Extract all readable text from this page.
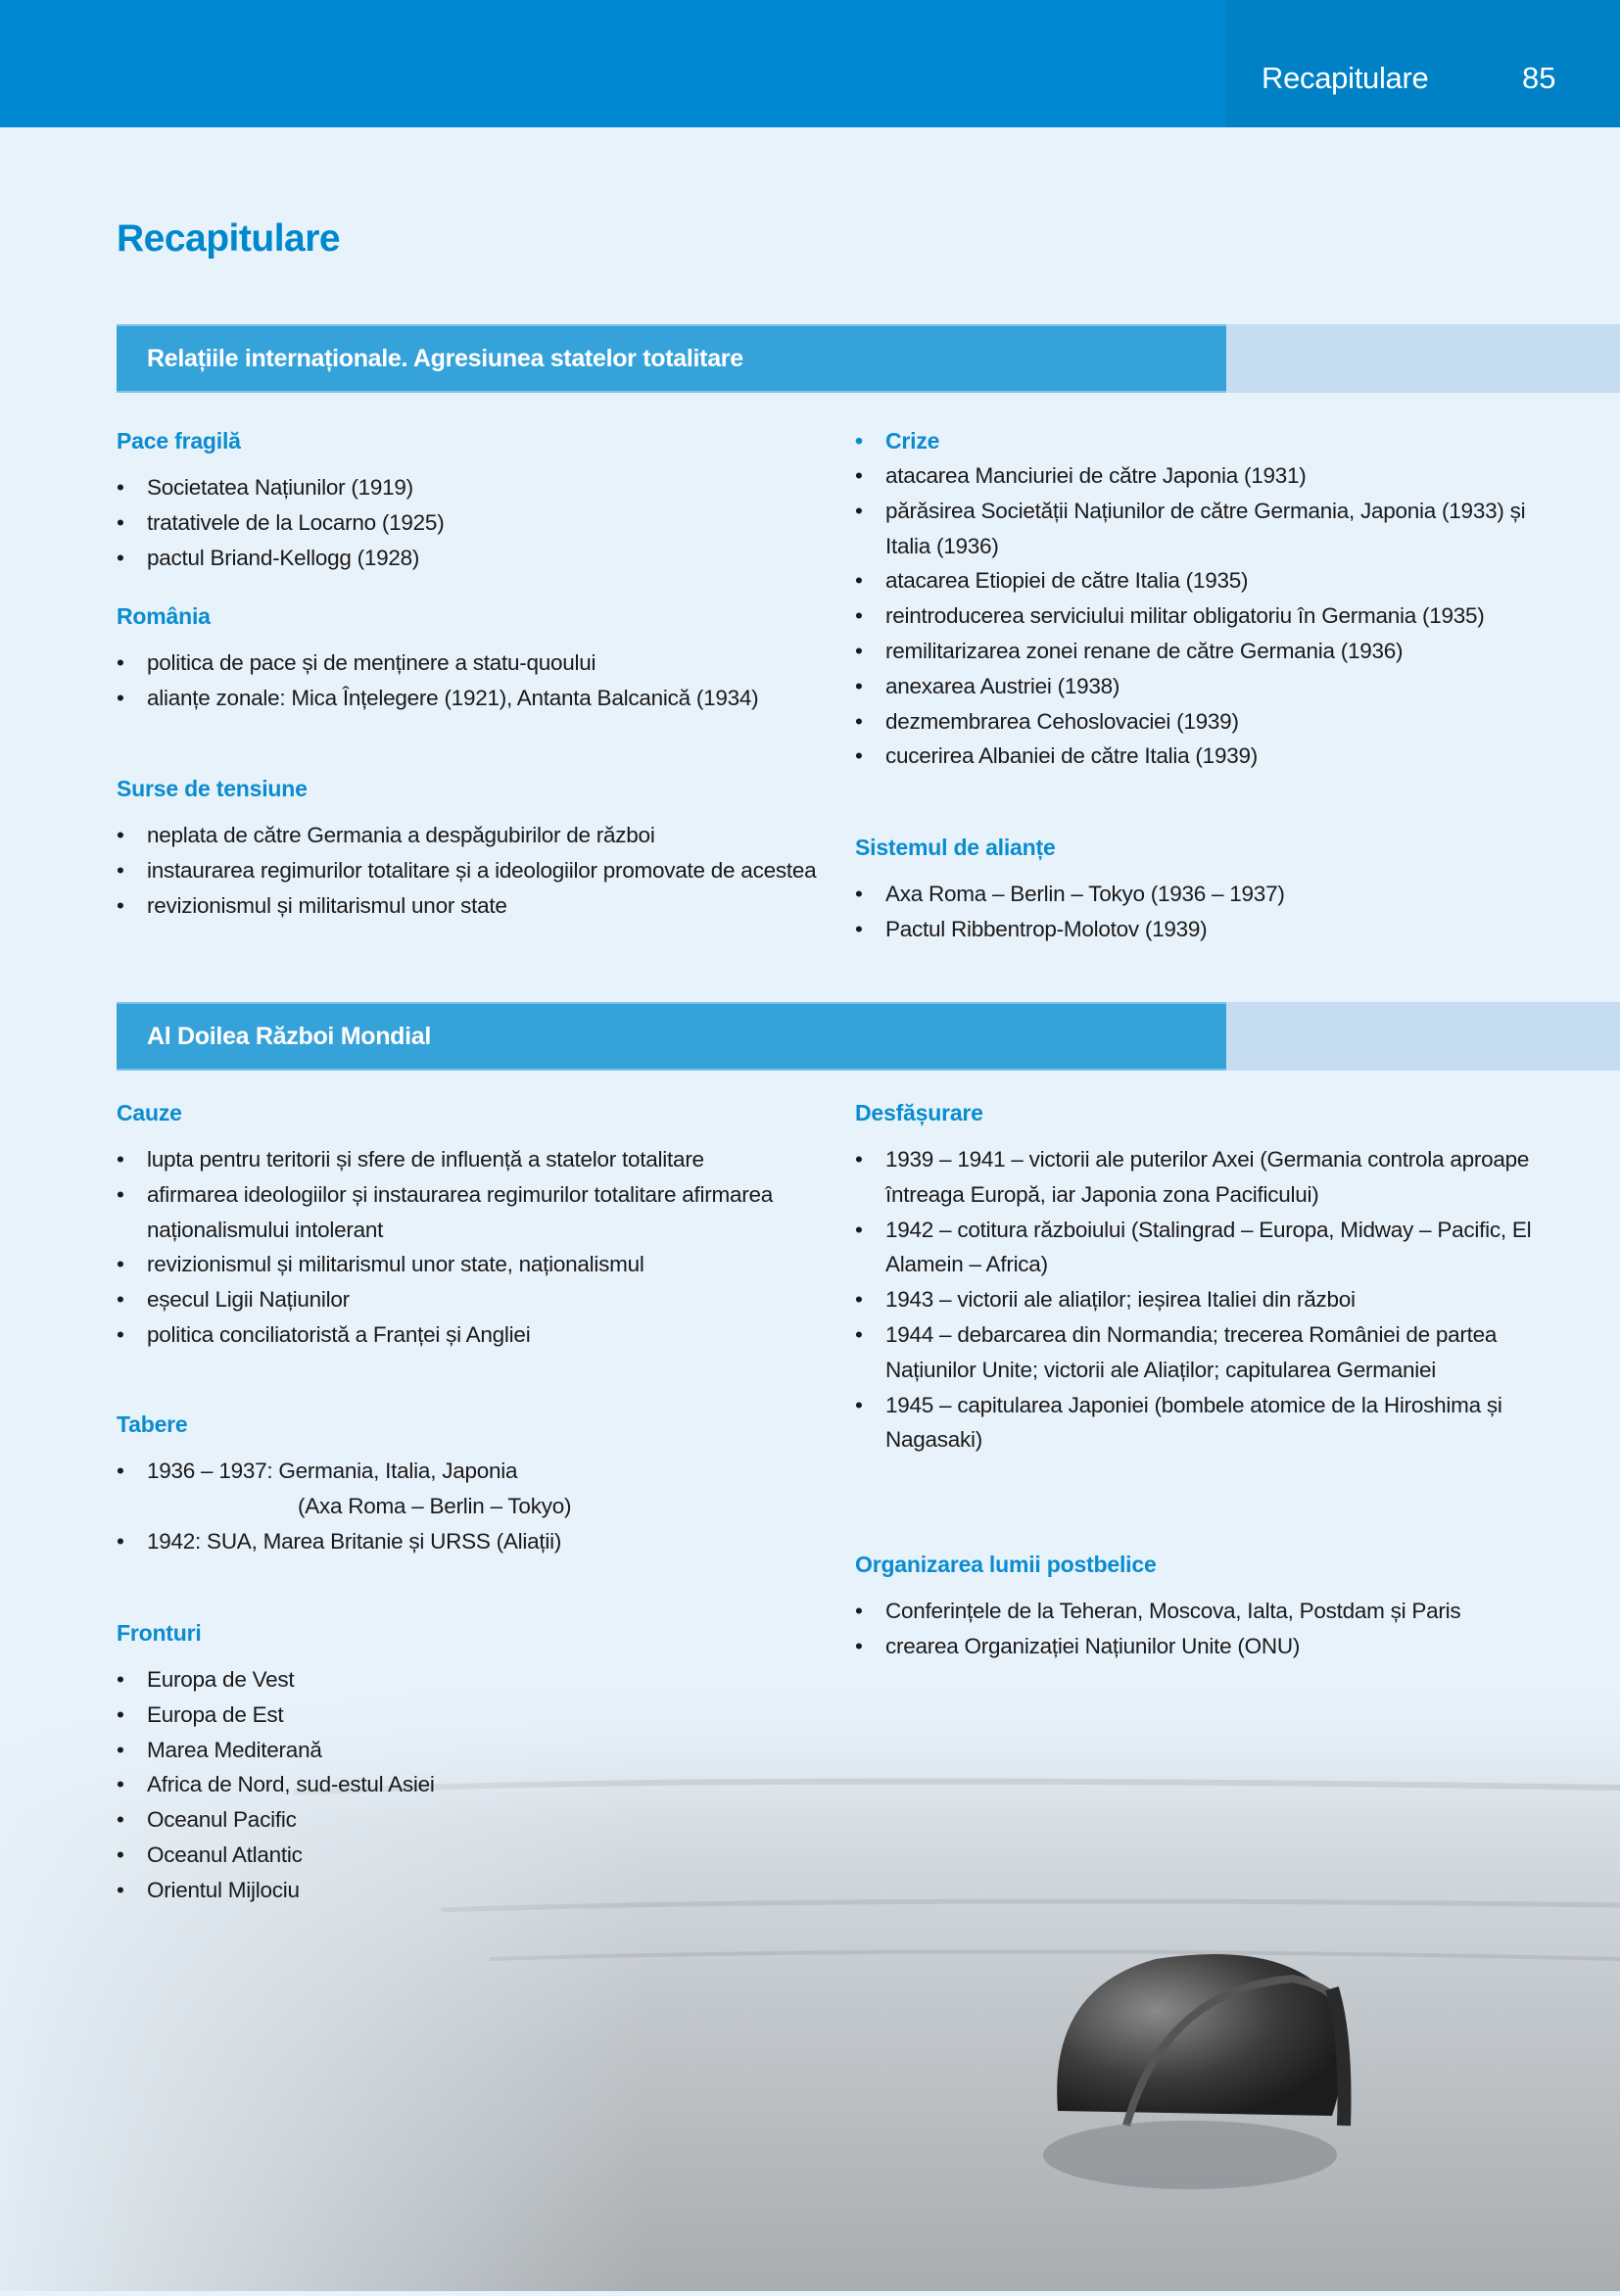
Recapitulare	85
Recapitulare
Relațiile internaționale. Agresiunea statelor totalitare
Pace fragilă
• Societatea Națiunilor (1919)
• tratativele de la Locarno (1925)
• pactul Briand-Kellogg (1928)
România
• politica de pace și de menținere a statu-quoului
• alianțe zonale: Mica Înțelegere (1921), Antanta Balcanică (1934)
Surse de tensiune
• neplata de către Germania a despăgubirilor de război
• instaurarea regimurilor totalitare și a ideologiilor promovate de acestea
• revizionismul și militarismul unor state
• Crize
• atacarea Manciuriei de către Japonia (1931)
• părăsirea Societății Națiunilor de către Germania, Japonia (1933) și Italia (1936)
• atacarea Etiopiei de către Italia (1935)
• reintroducerea serviciului militar obligatoriu în Germania (1935)
• remilitarizarea zonei renane de către Germania (1936)
• anexarea Austriei (1938)
• dezmembrarea Cehoslovaciei (1939)
• cucerirea Albaniei de către Italia (1939)
Sistemul de alianțe
• Axa Roma – Berlin – Tokyo (1936 – 1937)
• Pactul Ribbentrop-Molotov (1939)
Al Doilea Război Mondial
Cauze
• lupta pentru teritorii și sfere de influență a statelor totalitare
• afirmarea ideologiilor și instaurarea regimurilor totalitare afirmarea naționalismului intolerant
• revizionismul și militarismul unor state, naționalismul
• eșecul Ligii Națiunilor
• politica conciliatoristă a Franței și Angliei
Tabere
• 1936 – 1937: Germania, Italia, Japonia
(Axa Roma – Berlin – Tokyo)
• 1942: SUA, Marea Britanie și URSS (Aliații)
Fronturi
• Europa de Vest
• Europa de Est
• Marea Mediterană
• Africa de Nord, sud-estul Asiei
• Oceanul Pacific
• Oceanul Atlantic
• Orientul Mijlociu
Desfășurare
• 1939 – 1941 – victorii ale puterilor Axei (Germania controla aproape întreaga Europă, iar Japonia zona Pacificului)
• 1942 – cotitura războiului (Stalingrad – Europa, Midway – Pacific, El Alamein – Africa)
• 1943 – victorii ale aliaților; ieșirea Italiei din război
• 1944 – debarcarea din Normandia; trecerea României de partea Națiunilor Unite; victorii ale Aliaților; capitularea Germaniei
• 1945 – capitularea Japoniei (bombele atomice de la Hiroshima și Nagasaki)
Organizarea lumii postbelice
• Conferințele de la Teheran, Moscova, Ialta, Postdam și Paris
• crearea Organizației Națiunilor Unite (ONU)
